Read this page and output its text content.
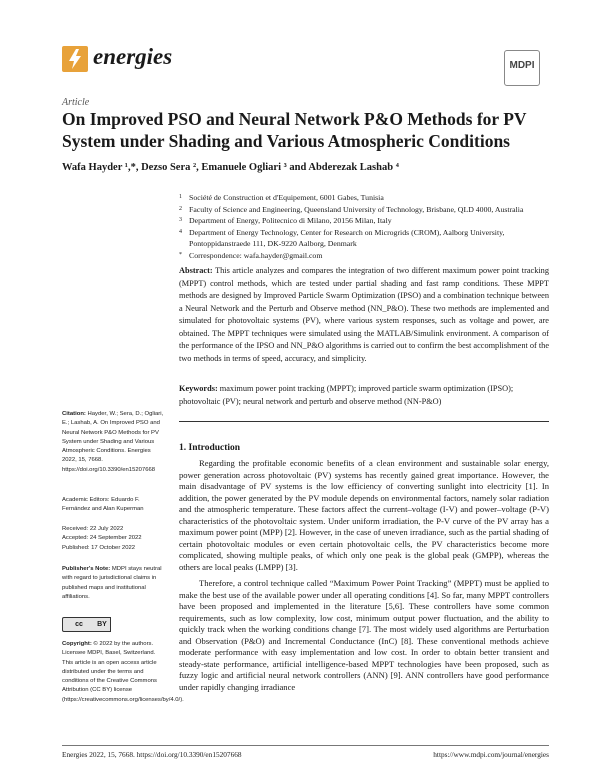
energies	MDPI
Article
On Improved PSO and Neural Network P&O Methods for PV System under Shading and Various Atmospheric Conditions
Wafa Hayder ¹,*, Dezso Sera ², Emanuele Ogliari ³ and Abderezak Lashab ⁴
1 Société de Construction et d'Equipement, 6001 Gabes, Tunisia
2 Faculty of Science and Engineering, Queensland University of Technology, Brisbane, QLD 4000, Australia
3 Department of Energy, Politecnico di Milano, 20156 Milan, Italy
4 Department of Energy Technology, Center for Research on Microgrids (CROM), Aalborg University, Pontoppidanstraede 111, DK-9220 Aalborg, Denmark
* Correspondence: wafa.hayder@gmail.com
Abstract: This article analyzes and compares the integration of two different maximum power point tracking (MPPT) control methods, which are tested under partial shading and fast ramp conditions. These MPPT methods are designed by Improved Particle Swarm Optimization (IPSO) and a combination technique between a Neural Network and the Perturb and Observe method (NN_P&O). These two methods are implemented and simulated for photovoltaic systems (PV), where various system responses, such as voltage and power, are obtained. The MPPT techniques were simulated using the MATLAB/Simulink environment. A comparison of the performance of the IPSO and NN_P&O algorithms is carried out to confirm the best accomplishment of the two methods in terms of speed, accuracy, and simplicity.
Keywords: maximum power point tracking (MPPT); improved particle swarm optimization (IPSO); photovoltaic (PV); neural network and perturb and observe method (NN-P&O)
Citation: Hayder, W.; Sera, D.; Ogliari, E.; Lashab, A. On Improved PSO and Neural Network P&O Methods for PV System under Shading and Various Atmospheric Conditions. Energies 2022, 15, 7668. https://doi.org/10.3390/en15207668
Academic Editors: Eduardo F. Fernández and Alan Kuperman
Received: 22 July 2022
Accepted: 24 September 2022
Published: 17 October 2022
Publisher's Note: MDPI stays neutral with regard to jurisdictional claims in published maps and institutional affiliations.
cc	BY
Copyright: © 2022 by the authors. Licensee MDPI, Basel, Switzerland. This article is an open access article distributed under the terms and conditions of the Creative Commons Attribution (CC BY) license (https://creativecommons.org/licenses/by/4.0/).
1. Introduction

Regarding the profitable economic benefits of a clean environment and sustainable solar energy, power generation across photovoltaic (PV) systems has recently gained great importance. However, the main disadvantage of PV systems is the low efficiency of converting sunlight into electricity [1]. In addition, the power generated by the PV module depends on environmental factors, namely solar radiation and the atmospheric temperature. These factors affect the current–voltage (I-V) and power–voltage (P-V) characteristics of the photovoltaic system. Under uniform irradiation, the P-V curve of the PV array has a maximum power point (MPP) [2]. However, in the case of uneven irradiance, such as the partial shading of certain photovoltaic modules or even certain photovoltaic cells, the PV characteristics become more complicated, showing multiple peaks, of which only one peak is the global peak (GMPP), whereas the others are local peaks (LMPP) [3].

Therefore, a control technique called “Maximum Power Point Tracking” (MPPT) must be applied to make the best use of the available power under all operating conditions [4]. So far, many MPPT controllers have been proposed and implemented in the literature [5,6]. These controllers have some common requirements, such as low complexity, low cost, minimum output power fluctuation, and the ability to quickly track when the working conditions change [7]. The most widely used algorithms are Perturbation and Observation (P&O) and Incremental Conductance (InC) [8]. These conventional methods achieve moderate performance with easy implementation and low cost. In order to obtain better transient and steady-state performance, artificial intelligence-based MPPT technologies have been proposed, such as fuzzy logic and artificial neural network controllers (ANN) [9]. ANN controllers have good performance under rapidly changing irradiance

Energies 2022, 15, 7668. https://doi.org/10.3390/en15207668	https://www.mdpi.com/journal/energies
